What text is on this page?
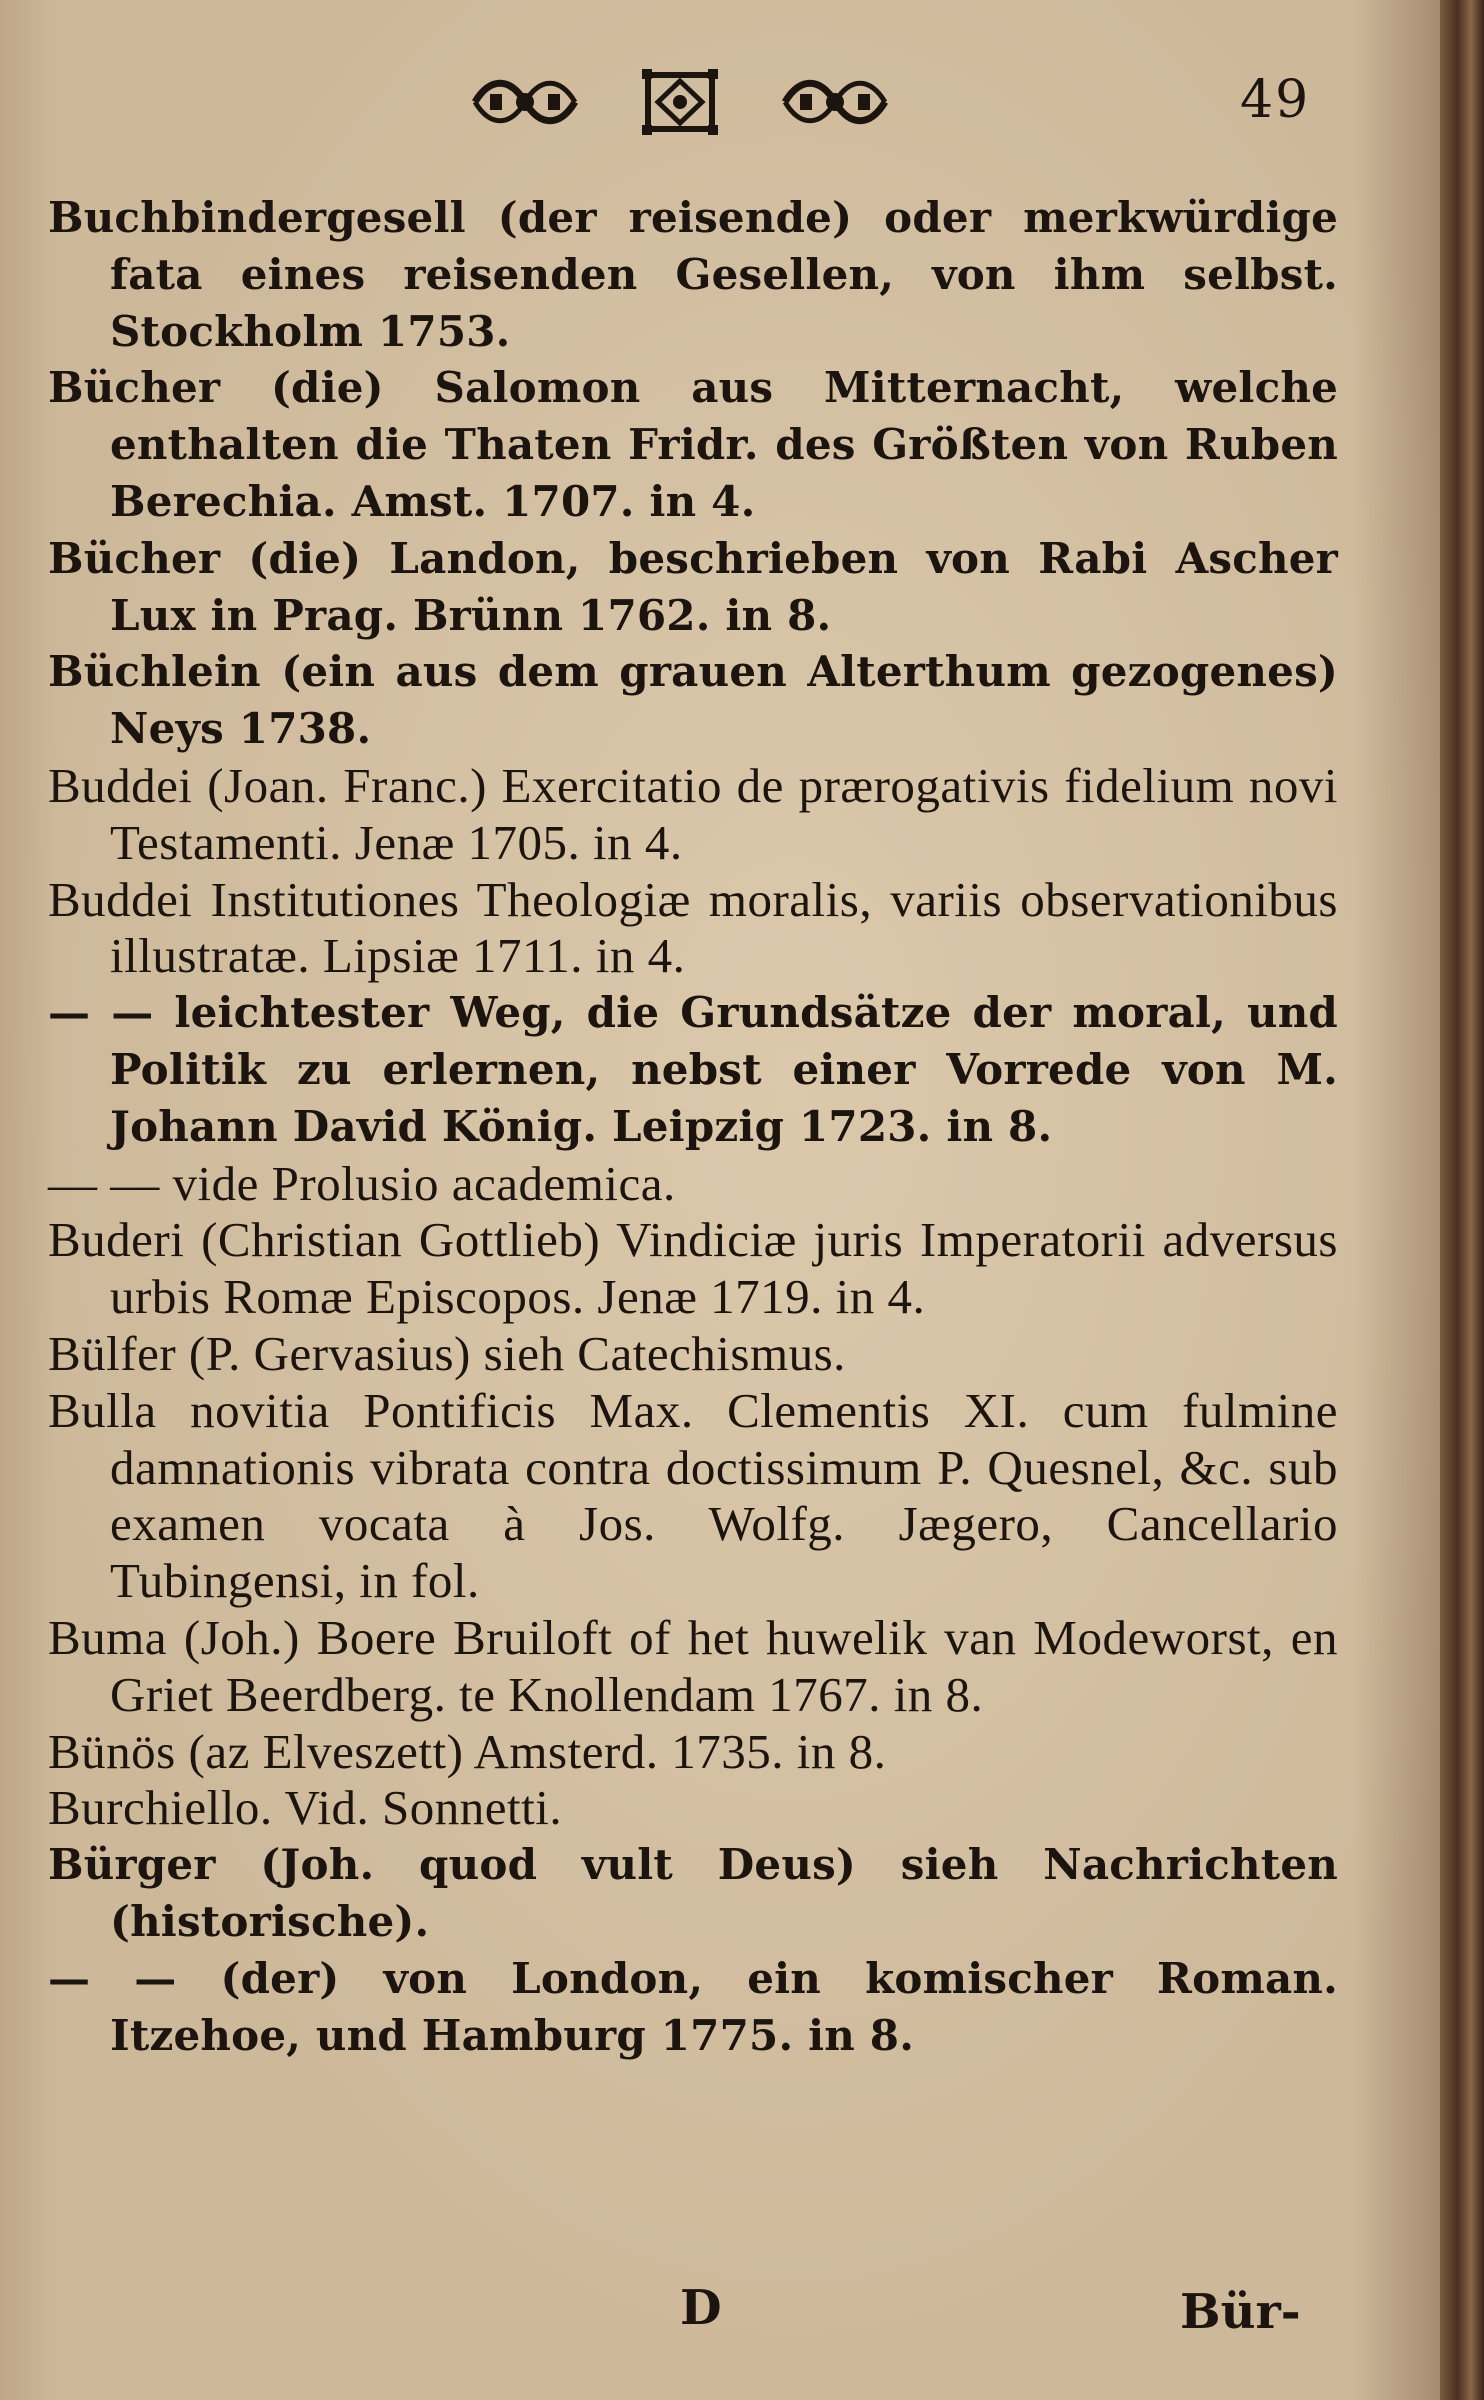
49
Buchbindergesell (der reisende) oder merkwürdige fata eines reisenden Gesellen, von ihm selbst. Stockholm 1753.
Bücher (die) Salomon aus Mitternacht, welche enthalten die Thaten Fridr. des Größten von Ruben Berechia. Amst. 1707. in 4.
Bücher (die) Landon, beschrieben von Rabi Ascher Lux in Prag. Brünn 1762. in 8.
Büchlein (ein aus dem grauen Alterthum gezogenes) Neys 1738.
Buddei (Joan. Franc.) Exercitatio de prærogativis fidelium novi Testamenti. Jenæ 1705. in 4.
Buddei Institutiones Theologiæ moralis, variis observationibus illustratæ. Lipsiæ 1711. in 4.
— — leichtester Weg, die Grundsätze der moral, und Politik zu erlernen, nebst einer Vorrede von M. Johann David König. Leipzig 1723. in 8.
— — vide Prolusio academica.
Buderi (Christian Gottlieb) Vindiciæ juris Imperatorii adversus urbis Romæ Episcopos. Jenæ 1719. in 4.
Bülfer (P. Gervasius) sieh Catechismus.
Bulla novitia Pontificis Max. Clementis XI. cum fulmine damnationis vibrata contra doctissimum P. Quesnel, &c. sub examen vocata à Jos. Wolfg. Jægero, Cancellario Tubingensi, in fol.
Buma (Joh.) Boere Bruiloft of het huwelik van Modeworst, en Griet Beerdberg. te Knollendam 1767. in 8.
Bünös (az Elveszett) Amsterd. 1735. in 8.
Burchiello. Vid. Sonnetti.
Bürger (Joh. quod vult Deus) sieh Nachrichten (historische).
— — (der) von London, ein komischer Roman. Itzehoe, und Hamburg 1775. in 8.
D	Bür-
